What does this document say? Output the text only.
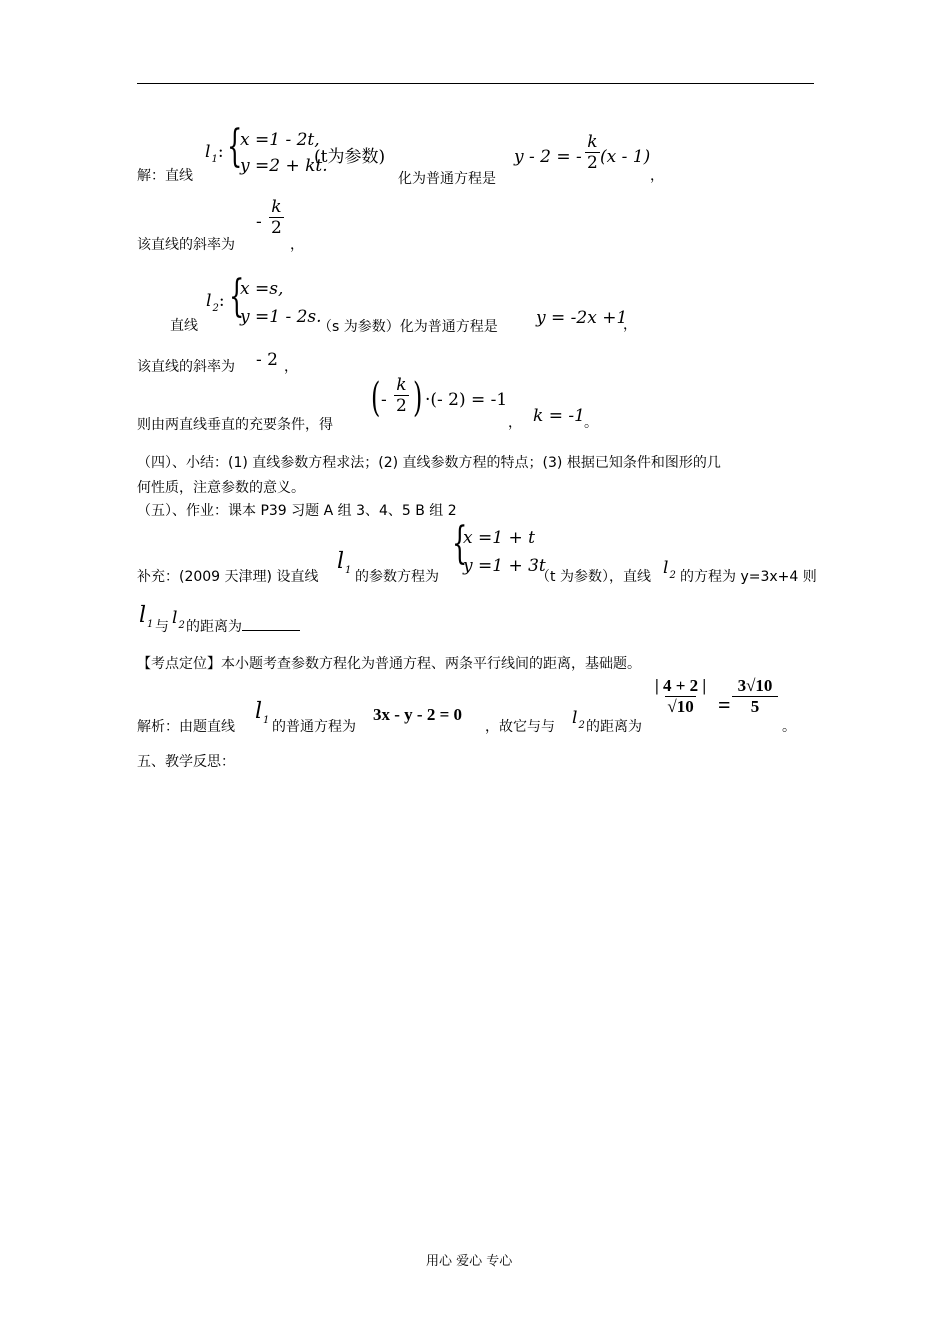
解：直线
$l_1$: {
x =1 - 2t,
y =2 + kt.
(t为参数)
化为普通方程是
y - 2 = - $\frac{k}{2} (x - 1)$
，
该直线的斜率为
- $\frac{k}{2}$
，
直线
$l_2$: {
x =s,
y =1 - 2s.
（s 为参数）化为普通方程是 y = -2x +1
，
该直线的斜率为 - 2 ，
则由两直线垂直的充要条件，得
( - $\frac{k}{2}$ ) ·(- 2) = -1
， k = -1 。
（四）、小结：(1) 直线参数方程求法；(2) 直线参数方程的特点；(3) 根据已知条件和图形的几
何性质，注意参数的意义。
（五）、作业：课本 P39 习题 A 组 3、4、5 B 组 2
补充：(2009 天津理) 设直线
$l_1$ 的参数方程为
{
x =1 + t
y =1 + 3t
（t 为参数），直线 $l_2$ 的方程为 y=3x+4 则
$l_1$ 与 $l_2$ 的距离为
【考点定位】本小题考查参数方程化为普通方程、两条平行线间的距离，基础题。
解析：由题直线
$l_1$ 的普通方程为
3x - y - 2 = 0
，故它与与 $l_2$ 的距离为
$\frac{| 4 + 2 |}{√10} = \frac{3√10}{5}$
。
五、教学反思：
用心 爱心 专心
